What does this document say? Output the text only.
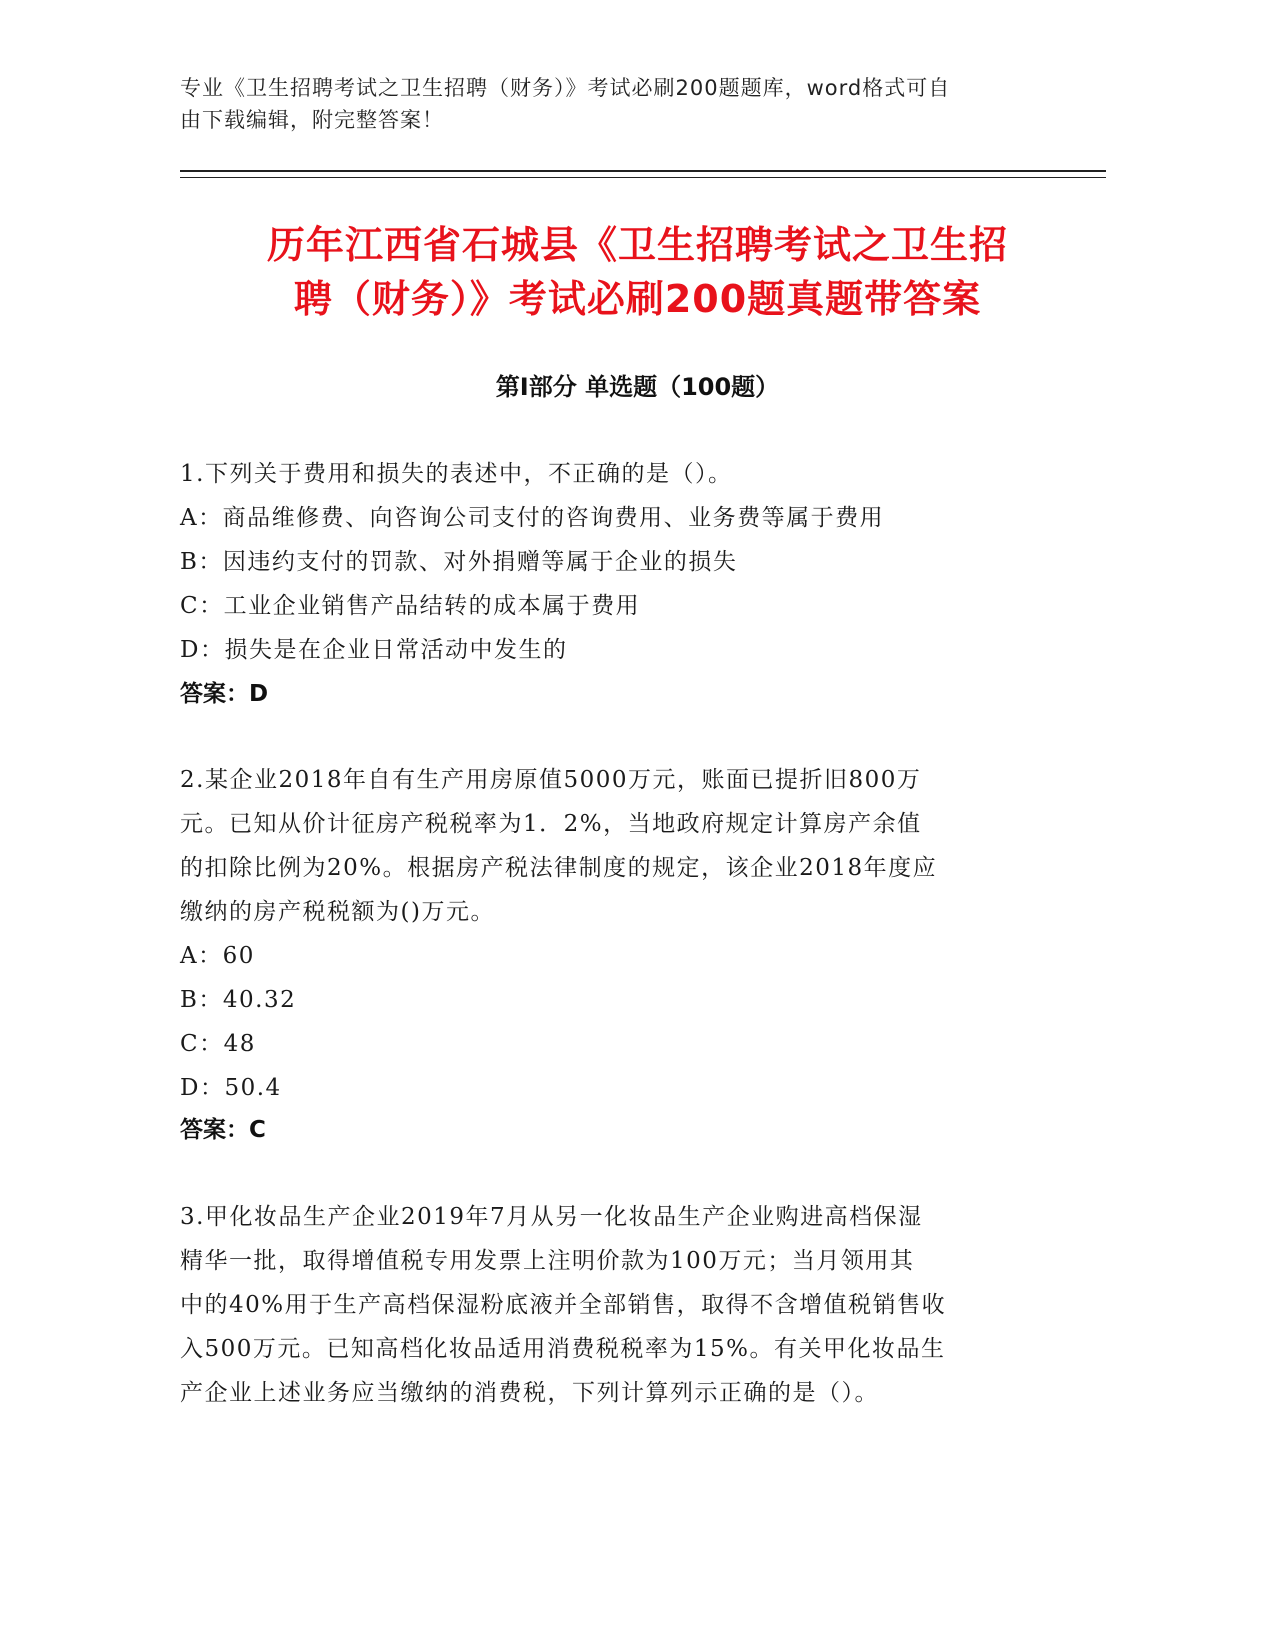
专业《卫生招聘考试之卫生招聘（财务）》考试必刷200题题库，word格式可自
由下载编辑，附完整答案！
历年江西省石城县《卫生招聘考试之卫生招
聘（财务）》考试必刷200题真题带答案
第Ⅰ部分 单选题（100题）
1.下列关于费用和损失的表述中，不正确的是（）。
A：商品维修费、向咨询公司支付的咨询费用、业务费等属于费用
B：因违约支付的罚款、对外捐赠等属于企业的损失
C：工业企业销售产品结转的成本属于费用
D：损失是在企业日常活动中发生的
答案：D
2.某企业2018年自有生产用房原值5000万元，账面已提折旧800万
元。已知从价计征房产税税率为1．2%，当地政府规定计算房产余值
的扣除比例为20%。根据房产税法律制度的规定，该企业2018年度应
缴纳的房产税税额为()万元。
A：60
B：40.32
C：48
D：50.4
答案：C
3.甲化妆品生产企业2019年7月从另一化妆品生产企业购进高档保湿
精华一批，取得增值税专用发票上注明价款为100万元；当月领用其
中的40%用于生产高档保湿粉底液并全部销售，取得不含增值税销售收
入500万元。已知高档化妆品适用消费税税率为15%。有关甲化妆品生
产企业上述业务应当缴纳的消费税，下列计算列示正确的是（）。
